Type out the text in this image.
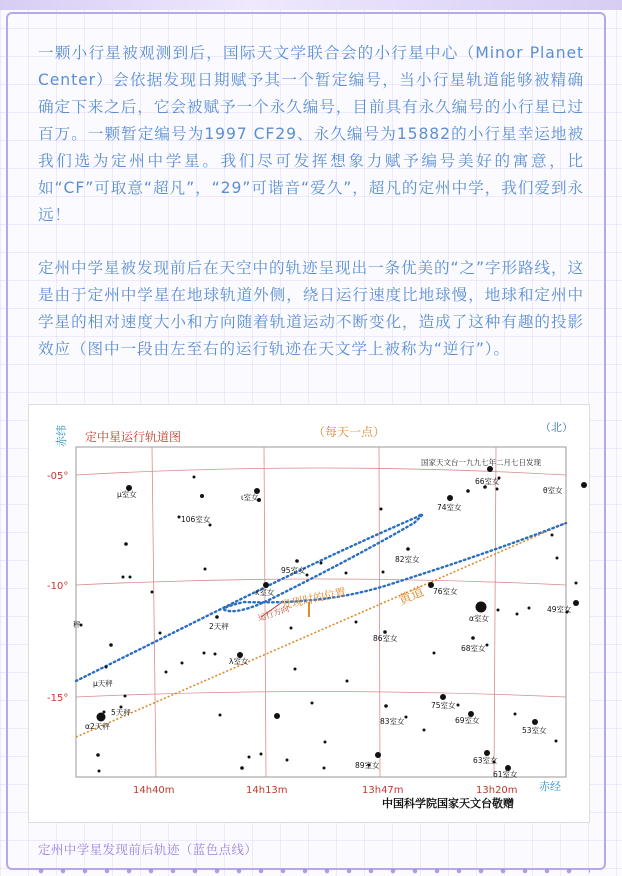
一颗小行星被观测到后，国际天文学联合会的小行星中心（Minor Planet Center）会依据发现日期赋予其一个暂定编号，当小行星轨道能够被精确确定下来之后，它会被赋予一个永久编号，目前具有永久编号的小行星已过百万。一颗暂定编号为1997 CF29、永久编号为15882的小行星幸运地被我们选为定州中学星。我们尽可发挥想象力赋予编号美好的寓意，比如“CF”可取意“超凡”，“29”可谐音“爱久”，超凡的定州中学，我们爱到永远！

定州中学星被发现前后在天空中的轨迹呈现出一条优美的“之”字形路线，这是由于定州中学星在地球轨道外侧，绕日运行速度比地球慢，地球和定州中学星的相对速度大小和方向随着轨道运动不断变化，造成了这种有趣的投影效应（图中一段由左至右的运行轨迹在天文学上被称为“逆行”）。

定中星运行轨道图	（每天一点）	（北）
国家天文台一九九七年二月七日发现
赤纬
赤经
-05°
-10°
-15°
14h40m	14h13m	13h47m	13h20m
黄道
发现时的位置
运行方向
μ室女	ι室女
106室女
95室女
74室女
66室女
θ室女
82室女
76室女
α室女
49室女
86室女
68室女
2天秤
λ室女
κ室女
μ天秤
5天秤
α2天秤
75室女
69室女
83室女
53室女
89室女
63室女
61室女
秤
中国科学院国家天文台敬赠
定州中学星发现前后轨迹（蓝色点线）
